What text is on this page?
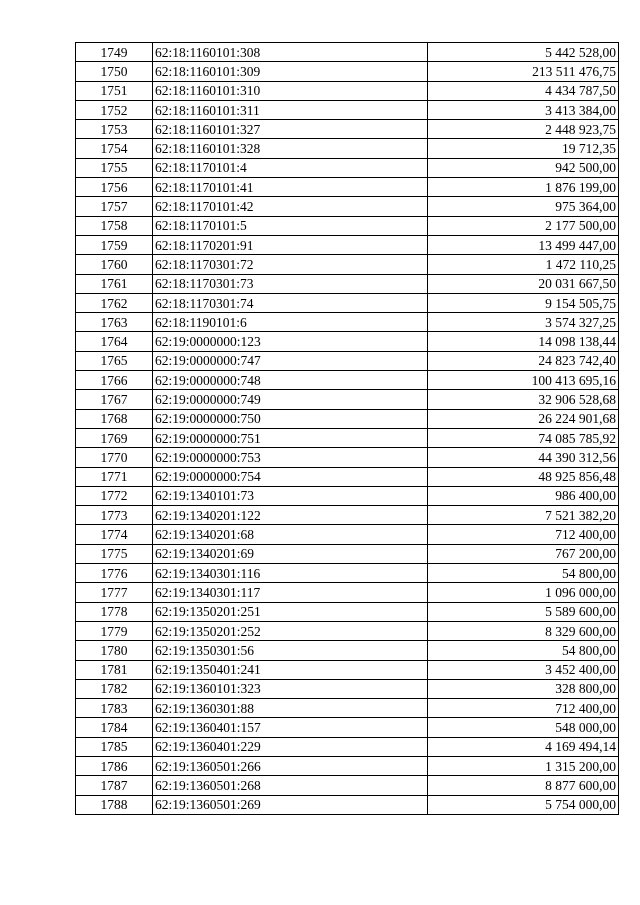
1749	62:18:1160101:308	5 442 528,00
1750	62:18:1160101:309	213 511 476,75
1751	62:18:1160101:310	4 434 787,50
1752	62:18:1160101:311	3 413 384,00
1753	62:18:1160101:327	2 448 923,75
1754	62:18:1160101:328	19 712,35
1755	62:18:1170101:4	942 500,00
1756	62:18:1170101:41	1 876 199,00
1757	62:18:1170101:42	975 364,00
1758	62:18:1170101:5	2 177 500,00
1759	62:18:1170201:91	13 499 447,00
1760	62:18:1170301:72	1 472 110,25
1761	62:18:1170301:73	20 031 667,50
1762	62:18:1170301:74	9 154 505,75
1763	62:18:1190101:6	3 574 327,25
1764	62:19:0000000:123	14 098 138,44
1765	62:19:0000000:747	24 823 742,40
1766	62:19:0000000:748	100 413 695,16
1767	62:19:0000000:749	32 906 528,68
1768	62:19:0000000:750	26 224 901,68
1769	62:19:0000000:751	74 085 785,92
1770	62:19:0000000:753	44 390 312,56
1771	62:19:0000000:754	48 925 856,48
1772	62:19:1340101:73	986 400,00
1773	62:19:1340201:122	7 521 382,20
1774	62:19:1340201:68	712 400,00
1775	62:19:1340201:69	767 200,00
1776	62:19:1340301:116	54 800,00
1777	62:19:1340301:117	1 096 000,00
1778	62:19:1350201:251	5 589 600,00
1779	62:19:1350201:252	8 329 600,00
1780	62:19:1350301:56	54 800,00
1781	62:19:1350401:241	3 452 400,00
1782	62:19:1360101:323	328 800,00
1783	62:19:1360301:88	712 400,00
1784	62:19:1360401:157	548 000,00
1785	62:19:1360401:229	4 169 494,14
1786	62:19:1360501:266	1 315 200,00
1787	62:19:1360501:268	8 877 600,00
1788	62:19:1360501:269	5 754 000,00
